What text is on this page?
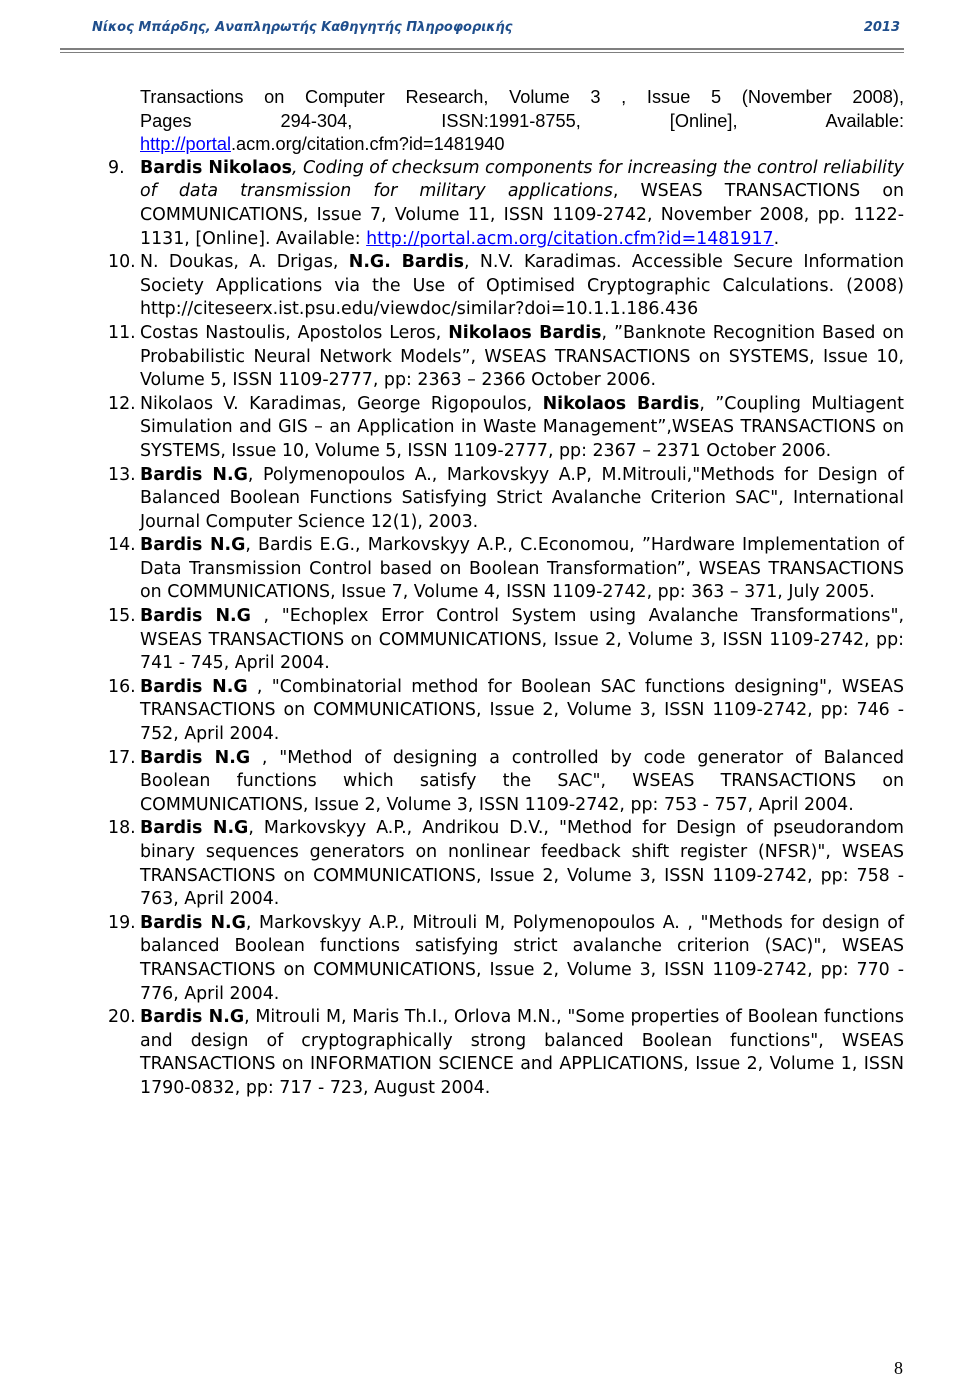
Νίκος Μπάρδης, Αναπληρωτής Καθηγητής Πληροφορικής	2013
Transactions on Computer Research, Volume 3 , Issue 5 (November 2008),
Pages 294-304, ISSN:1991-8755, [Online], Available:
http://portal.acm.org/citation.cfm?id=1481940
9. Bardis Nikolaos, Coding of checksum components for increasing the control reliability of data transmission for military applications, WSEAS TRANSACTIONS on COMMUNICATIONS, Issue 7, Volume 11, ISSN 1109-2742, November 2008, pp. 1122-1131, [Online]. Available: http://portal.acm.org/citation.cfm?id=1481917.
10. N. Doukas, A. Drigas, N.G. Bardis, N.V. Karadimas. Accessible Secure Information Society Applications via the Use of Optimised Cryptographic Calculations. (2008) http://citeseerx.ist.psu.edu/viewdoc/similar?doi=10.1.1.186.436
11. Costas Nastoulis, Apostolos Leros, Nikolaos Bardis, ”Banknote Recognition Based on Probabilistic Neural Network Models”, WSEAS TRANSACTIONS on SYSTEMS, Issue 10, Volume 5, ISSN 1109-2777, pp: 2363 – 2366 October 2006.
12. Nikolaos V. Karadimas, George Rigopoulos, Nikolaos Bardis, ”Coupling Multiagent Simulation and GIS – an Application in Waste Management”,WSEAS TRANSACTIONS on SYSTEMS, Issue 10, Volume 5, ISSN 1109-2777, pp: 2367 – 2371 October 2006.
13. Bardis N.G, Polymenopoulos A., Markovskyy A.P, M.Mitrouli,"Methods for Design of Balanced Boolean Functions Satisfying Strict Avalanche Criterion SAC", International Journal Computer Science 12(1), 2003.
14. Bardis N.G, Bardis E.G., Markovskyy A.P., C.Economou, ”Hardware Implementation of Data Transmission Control based on Boolean Transformation”, WSEAS TRANSACTIONS on COMMUNICATIONS, Issue 7, Volume 4, ISSN 1109-2742, pp: 363 – 371, July 2005.
15. Bardis N.G , "Echoplex Error Control System using Avalanche Transformations", WSEAS TRANSACTIONS on COMMUNICATIONS, Issue 2, Volume 3, ISSN 1109-2742, pp: 741 - 745, April 2004.
16. Bardis N.G , "Combinatorial method for Boolean SAC functions designing", WSEAS TRANSACTIONS on COMMUNICATIONS, Issue 2, Volume 3, ISSN 1109-2742, pp: 746 - 752, April 2004.
17. Bardis N.G , "Method of designing a controlled by code generator of Balanced Boolean functions which satisfy the SAC", WSEAS TRANSACTIONS on COMMUNICATIONS, Issue 2, Volume 3, ISSN 1109-2742, pp: 753 - 757, April 2004.
18. Bardis N.G, Markovskyy A.P., Andrikou D.V., "Method for Design of pseudorandom binary sequences generators on nonlinear feedback shift register (NFSR)", WSEAS TRANSACTIONS on COMMUNICATIONS, Issue 2, Volume 3, ISSN 1109-2742, pp: 758 - 763, April 2004.
19. Bardis N.G, Markovskyy A.P., Mitrouli M, Polymenopoulos A. , "Methods for design of balanced Boolean functions satisfying strict avalanche criterion (SAC)", WSEAS TRANSACTIONS on COMMUNICATIONS, Issue 2, Volume 3, ISSN 1109-2742, pp: 770 - 776, April 2004.
20. Bardis N.G, Mitrouli M, Maris Th.I., Orlova M.N., "Some properties of Boolean functions and design of cryptographically strong balanced Boolean functions", WSEAS TRANSACTIONS on INFORMATION SCIENCE and APPLICATIONS, Issue 2, Volume 1, ISSN 1790-0832, pp: 717 - 723, August 2004.
8
